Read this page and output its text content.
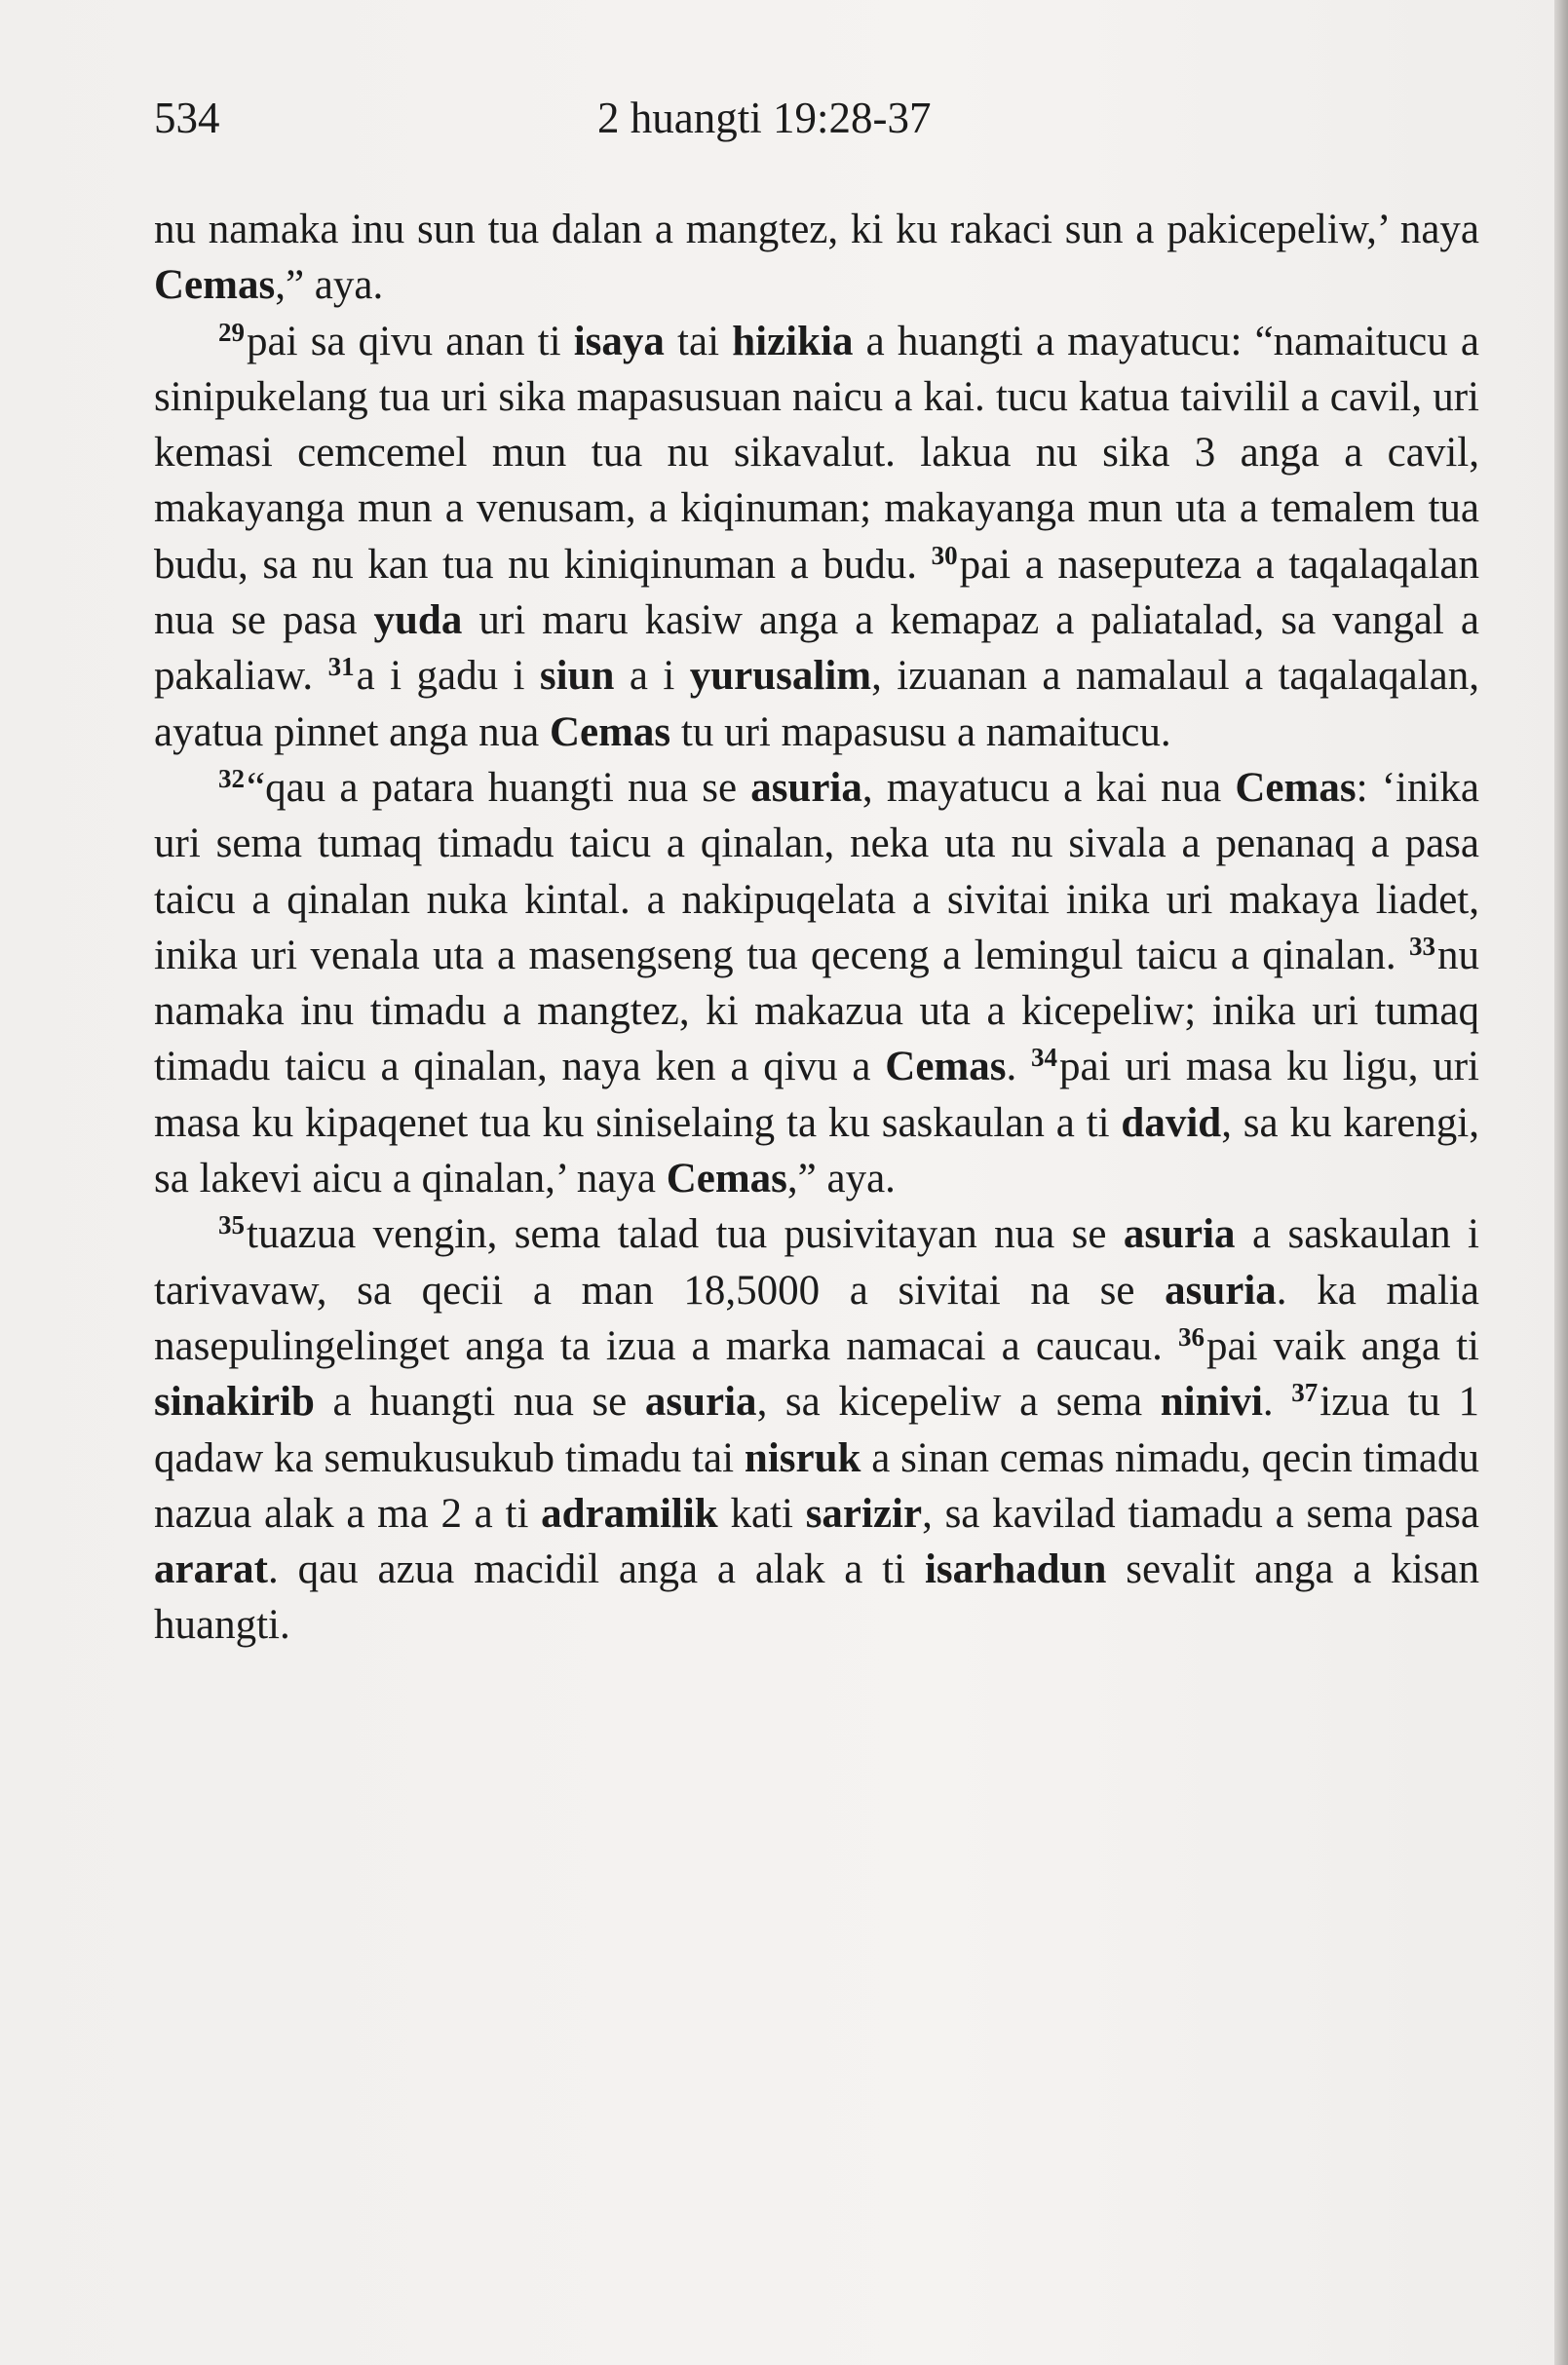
534	2 huangti 19:28-37

nu namaka inu sun tua dalan a mangtez, ki ku rakaci sun a pakicepeliw,’ naya Cemas,” aya.

$^{29}$pai sa qivu anan ti isaya tai hizikia a huangti a mayatucu: “namaitucu a sinipukelang tua uri sika mapasusuan naicu a kai. tucu katua taivilil a cavil, uri kemasi cemcemel mun tua nu sikavalut. lakua nu sika 3 anga a cavil, makayanga mun a venusam, a kiqinuman; makayanga mun uta a temalem tua budu, sa nu kan tua nu kiniqinuman a budu. $^{30}$pai a naseputeza a taqalaqalan nua se pasa yuda uri maru kasiw anga a kemapaz a paliatalad, sa vangal a pakaliaw. $^{31}$a i gadu i siun a i yurusalim, izuanan a namalaul a taqalaqalan, ayatua pinnet anga nua Cemas tu uri mapasusu a namaitucu.

$^{32}$“qau a patara huangti nua se asuria, mayatucu a kai nua Cemas: ‘inika uri sema tumaq timadu taicu a qinalan, neka uta nu sivala a penanaq a pasa taicu a qinalan nuka kintal. a nakipuqelata a sivitai inika uri makaya liadet, inika uri venala uta a masengseng tua qeceng a lemingul taicu a qinalan. $^{33}$nu namaka inu timadu a mangtez, ki makazua uta a kicepeliw; inika uri tumaq timadu taicu a qinalan, naya ken a qivu a Cemas. $^{34}$pai uri masa ku ligu, uri masa ku kipaqenet tua ku siniselaing ta ku saskaulan a ti david, sa ku karengi, sa lakevi aicu a qinalan,’ naya Cemas,” aya.

$^{35}$tuazua vengin, sema talad tua pusivitayan nua se asuria a saskaulan i tarivavaw, sa qecii a man 18,5000 a sivitai na se asuria. ka malia nasepulingelinget anga ta izua a marka namacai a caucau. $^{36}$pai vaik anga ti sinakirib a huangti nua se asuria, sa kicepeliw a sema ninivi. $^{37}$izua tu 1 qadaw ka semukusukub timadu tai nisruk a sinan cemas nimadu, qecin timadu nazua alak a ma 2 a ti adramilik kati sarizir, sa kavilad tiamadu a sema pasa ararat. qau azua macidil anga a alak a ti isarhadun sevalit anga a kisan huangti.
